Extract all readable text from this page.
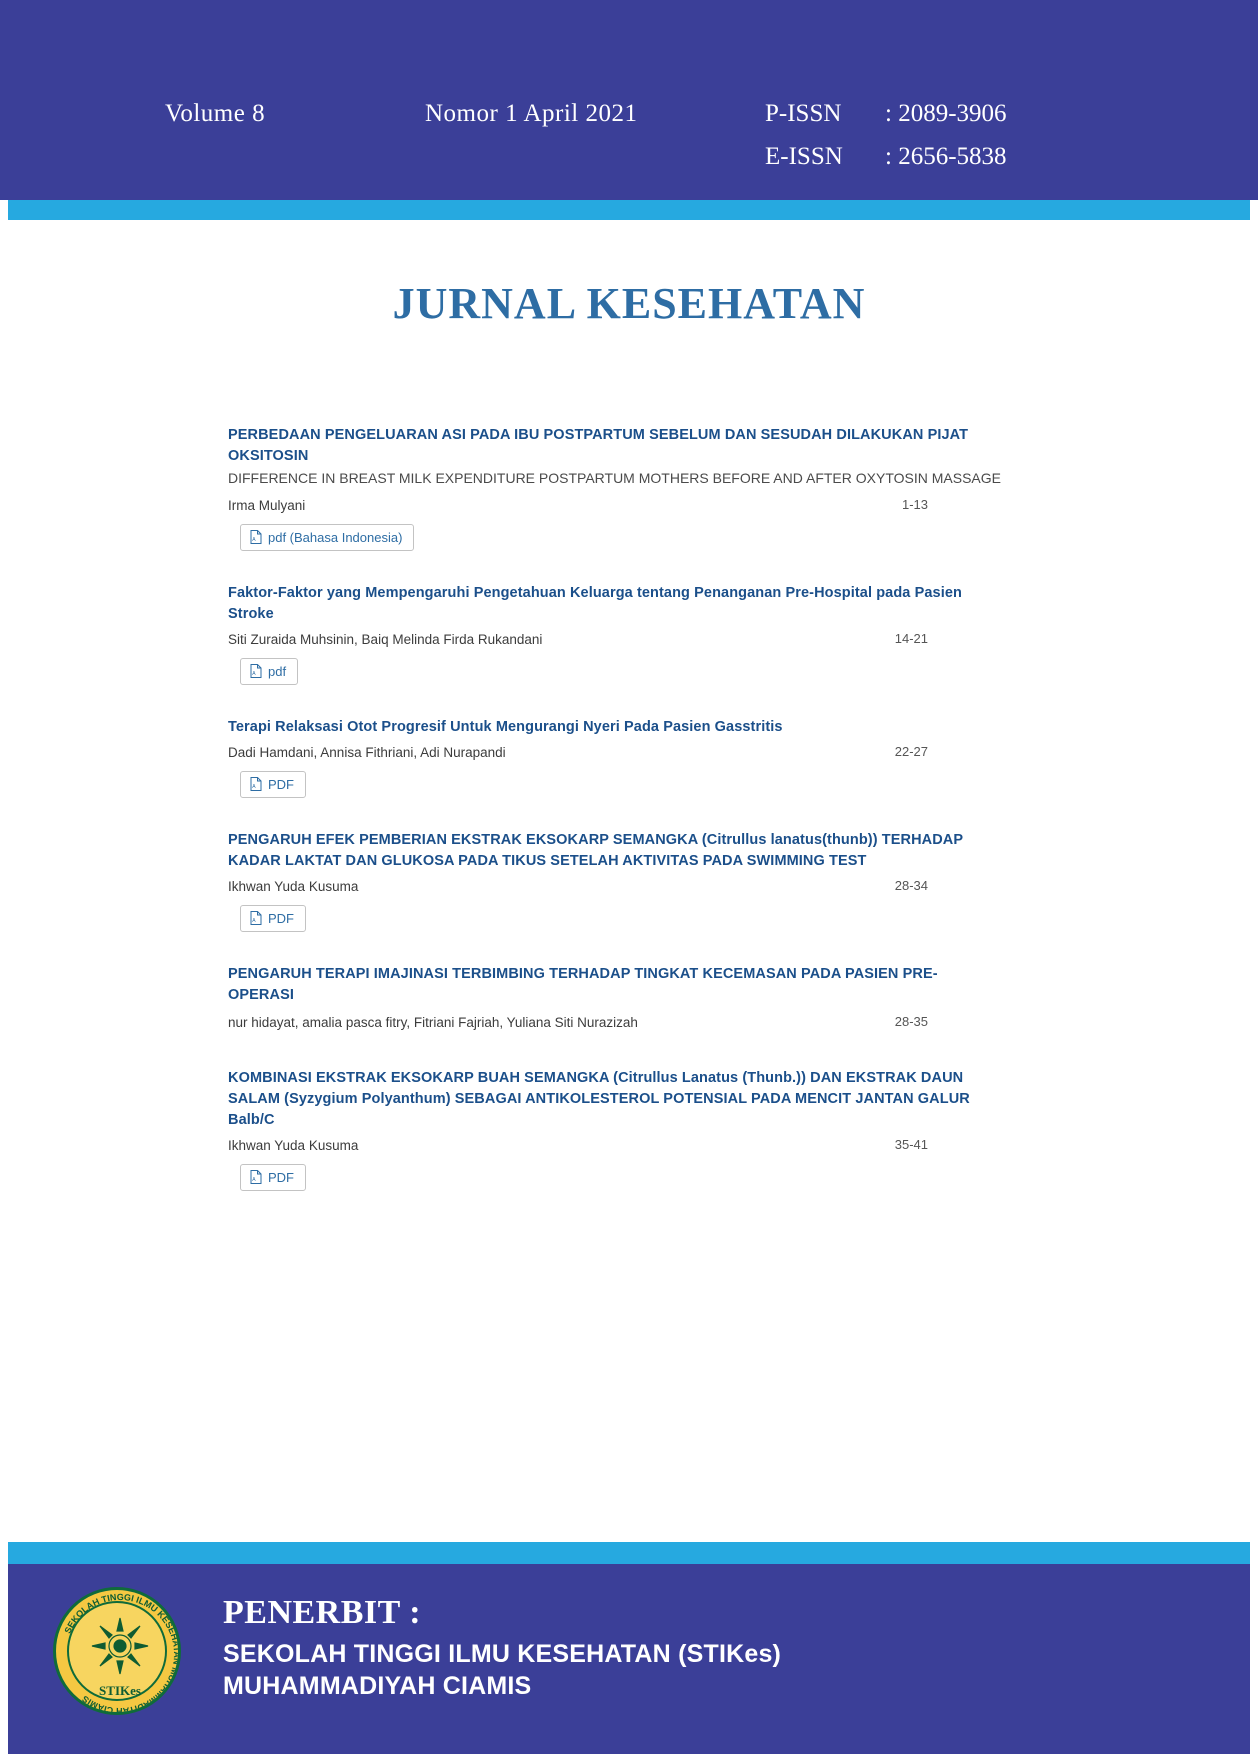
Volume 8	Nomor 1 April 2021	P-ISSN : 2089-3906
E-ISSN : 2656-5838
JURNAL KESEHATAN
PERBEDAAN PENGELUARAN ASI PADA IBU POSTPARTUM SEBELUM DAN SESUDAH DILAKUKAN PIJAT OKSITOSIN
DIFFERENCE IN BREAST MILK EXPENDITURE POSTPARTUM MOTHERS BEFORE AND AFTER OXYTOSIN MASSAGE
Irma Mulyani	1-13
A pdf (Bahasa Indonesia)
Faktor-Faktor yang Mempengaruhi Pengetahuan Keluarga tentang Penanganan Pre-Hospital pada Pasien Stroke
Siti Zuraida Muhsinin, Baiq Melinda Firda Rukandani	14-21
A pdf
Terapi Relaksasi Otot Progresif Untuk Mengurangi Nyeri Pada Pasien Gasstritis
Dadi Hamdani, Annisa Fithriani, Adi Nurapandi	22-27
A PDF
PENGARUH EFEK PEMBERIAN EKSTRAK EKSOKARP SEMANGKA (Citrullus lanatus(thunb)) TERHADAP KADAR LAKTAT DAN GLUKOSA PADA TIKUS SETELAH AKTIVITAS PADA SWIMMING TEST
Ikhwan Yuda Kusuma	28-34
A PDF
PENGARUH TERAPI IMAJINASI TERBIMBING TERHADAP TINGKAT KECEMASAN PADA PASIEN PRE-OPERASI
nur hidayat, amalia pasca fitry, Fitriani Fajriah, Yuliana Siti Nurazizah	28-35
KOMBINASI EKSTRAK EKSOKARP BUAH SEMANGKA (Citrullus Lanatus (Thunb.)) DAN EKSTRAK DAUN SALAM (Syzygium Polyanthum) SEBAGAI ANTIKOLESTEROL POTENSIAL PADA MENCIT JANTAN GALUR Balb/C
Ikhwan Yuda Kusuma	35-41
A PDF
SEKOLAH TINGGI ILMU KESEHATAN MUHAMMADIYAH CIAMIS
STIKes
PENERBIT :
SEKOLAH TINGGI ILMU KESEHATAN (STIKes)
MUHAMMADIYAH CIAMIS
